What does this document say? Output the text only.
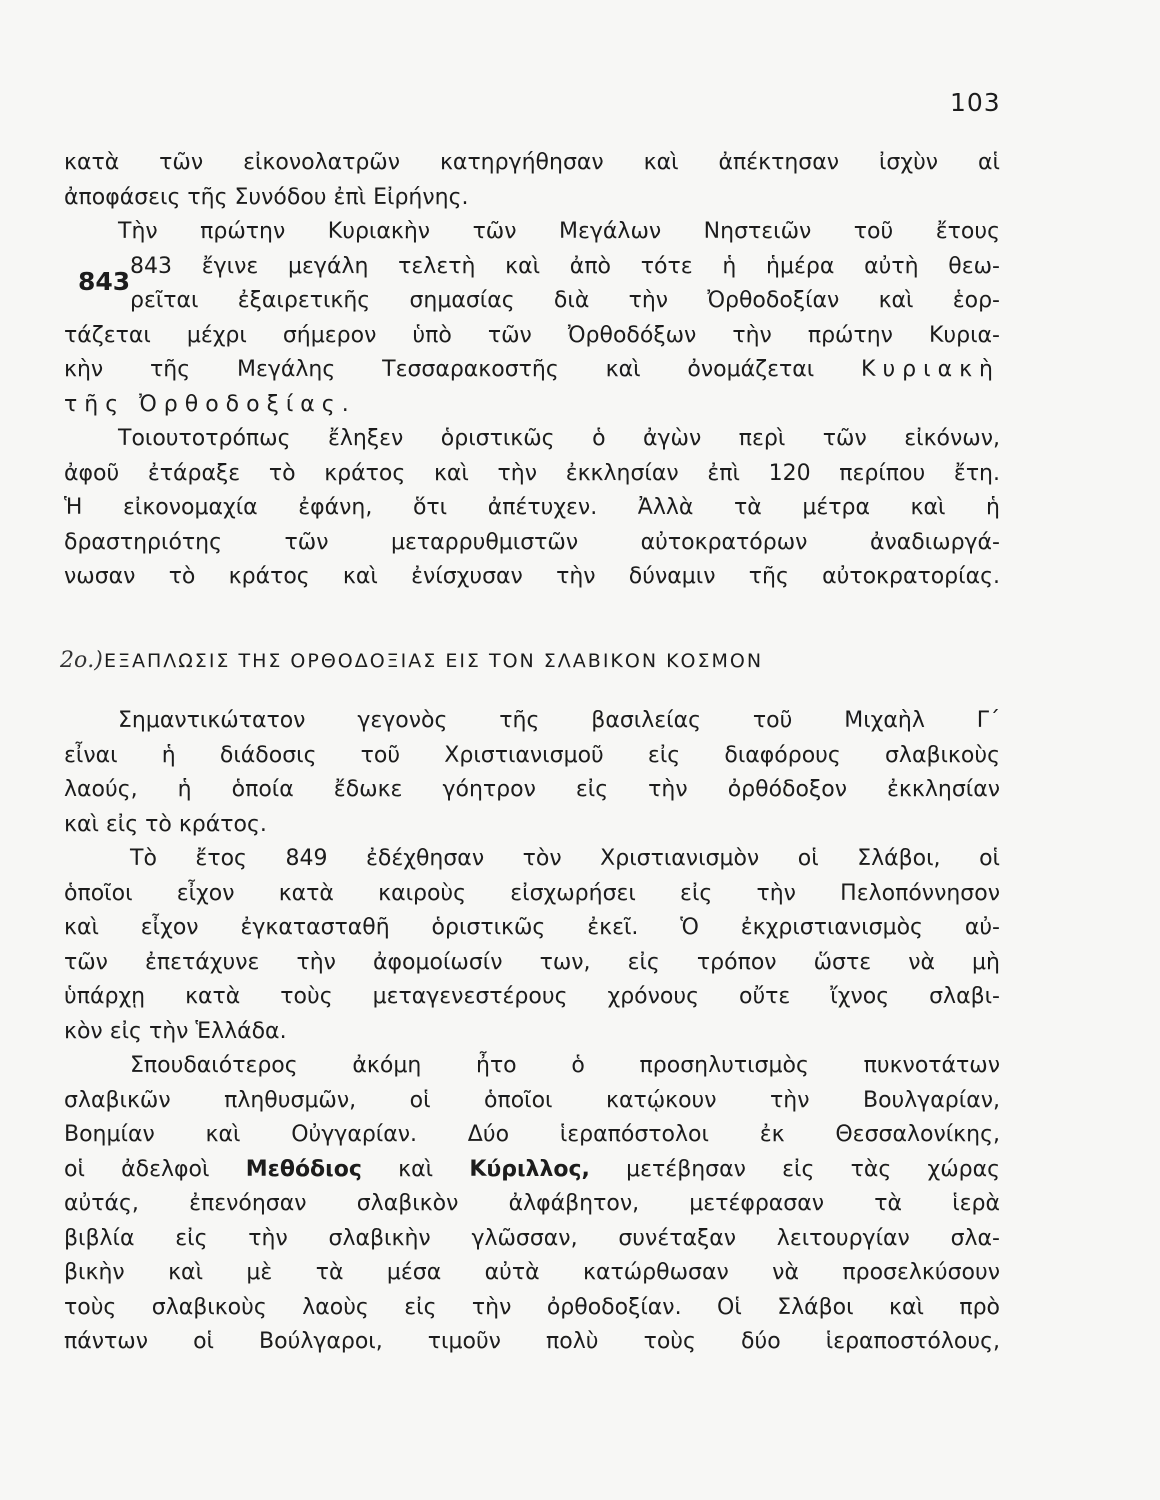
103
843
κατὰ τῶν εἰκονολατρῶν κατηργήθησαν καὶ ἀπέκτησαν ἰσχὺν αἱ
ἀποφάσεις τῆς Συνόδου ἐπὶ Εἰρήνης.
Τὴν πρώτην Κυριακὴν τῶν Μεγάλων Νηστειῶν τοῦ ἔτους
843 ἔγινε μεγάλη τελετὴ καὶ ἀπὸ τότε ἡ ἡμέρα αὐτὴ θεω-
ρεῖται ἐξαιρετικῆς σημασίας διὰ τὴν Ὀρθοδοξίαν καὶ ἑορ-
τάζεται μέχρι σήμερον ὑπὸ τῶν Ὀρθοδόξων τὴν πρώτην Κυρια-
κὴν τῆς Μεγάλης Τεσσαρακοστῆς καὶ ὀνομάζεται Κυριακὴ
τῆς Ὀρθοδοξίας.
Τοιουτοτρόπως ἔληξεν ὁριστικῶς ὁ ἀγὼν περὶ τῶν εἰκόνων,
ἀφοῦ ἐτάραξε τὸ κράτος καὶ τὴν ἐκκλησίαν ἐπὶ 120 περίπου ἔτη.
Ἡ εἰκονομαχία ἐφάνη, ὅτι ἀπέτυχεν. Ἀλλὰ τὰ μέτρα καὶ ἡ
δραστηριότης τῶν μεταρρυθμιστῶν αὐτοκρατόρων ἀναδιωργά-
νωσαν τὸ κράτος καὶ ἐνίσχυσαν τὴν δύναμιν τῆς αὐτοκρατορίας.
2ο.) ΕΞΑΠΛΩΣΙΣ ΤΗΣ ΟΡΘΟΔΟΞΙΑΣ ΕΙΣ ΤΟΝ ΣΛΑΒΙΚΟΝ ΚΟΣΜΟΝ
Σημαντικώτατον γεγονὸς τῆς βασιλείας τοῦ Μιχαὴλ Γ΄
εἶναι ἡ διάδοσις τοῦ Χριστιανισμοῦ εἰς διαφόρους σλαβικοὺς
λαούς, ἡ ὁποία ἔδωκε γόητρον εἰς τὴν ὀρθόδοξον ἐκκλησίαν
καὶ εἰς τὸ κράτος.
Τὸ ἔτος 849 ἐδέχθησαν τὸν Χριστιανισμὸν οἱ Σλάβοι, οἱ
ὁποῖοι εἶχον κατὰ καιροὺς εἰσχωρήσει εἰς τὴν Πελοπόννησον
καὶ εἶχον ἐγκατασταθῆ ὁριστικῶς ἐκεῖ. Ὁ ἐκχριστιανισμὸς αὐ-
τῶν ἐπετάχυνε τὴν ἀφομοίωσίν των, εἰς τρόπον ὥστε νὰ μὴ
ὑπάρχῃ κατὰ τοὺς μεταγενεστέρους χρόνους οὔτε ἴχνος σλαβι-
κὸν εἰς τὴν Ἑλλάδα.
Σπουδαιότερος ἀκόμη ἦτο ὁ προσηλυτισμὸς πυκνοτάτων
σλαβικῶν πληθυσμῶν, οἱ ὁποῖοι κατῴκουν τὴν Βουλγαρίαν,
Βοημίαν καὶ Οὐγγαρίαν. Δύο ἱεραπόστολοι ἐκ Θεσσαλονίκης,
οἱ ἀδελφοὶ Μεθόδιος καὶ Κύριλλος, μετέβησαν εἰς τὰς χώρας
αὐτάς, ἐπενόησαν σλαβικὸν ἀλφάβητον, μετέφρασαν τὰ ἱερὰ
βιβλία εἰς τὴν σλαβικὴν γλῶσσαν, συνέταξαν λειτουργίαν σλα-
βικὴν καὶ μὲ τὰ μέσα αὐτὰ κατώρθωσαν νὰ προσελκύσουν
τοὺς σλαβικοὺς λαοὺς εἰς τὴν ὀρθοδοξίαν. Οἱ Σλάβοι καὶ πρὸ
πάντων οἱ Βούλγαροι, τιμοῦν πολὺ τοὺς δύο ἱεραποστόλους,
